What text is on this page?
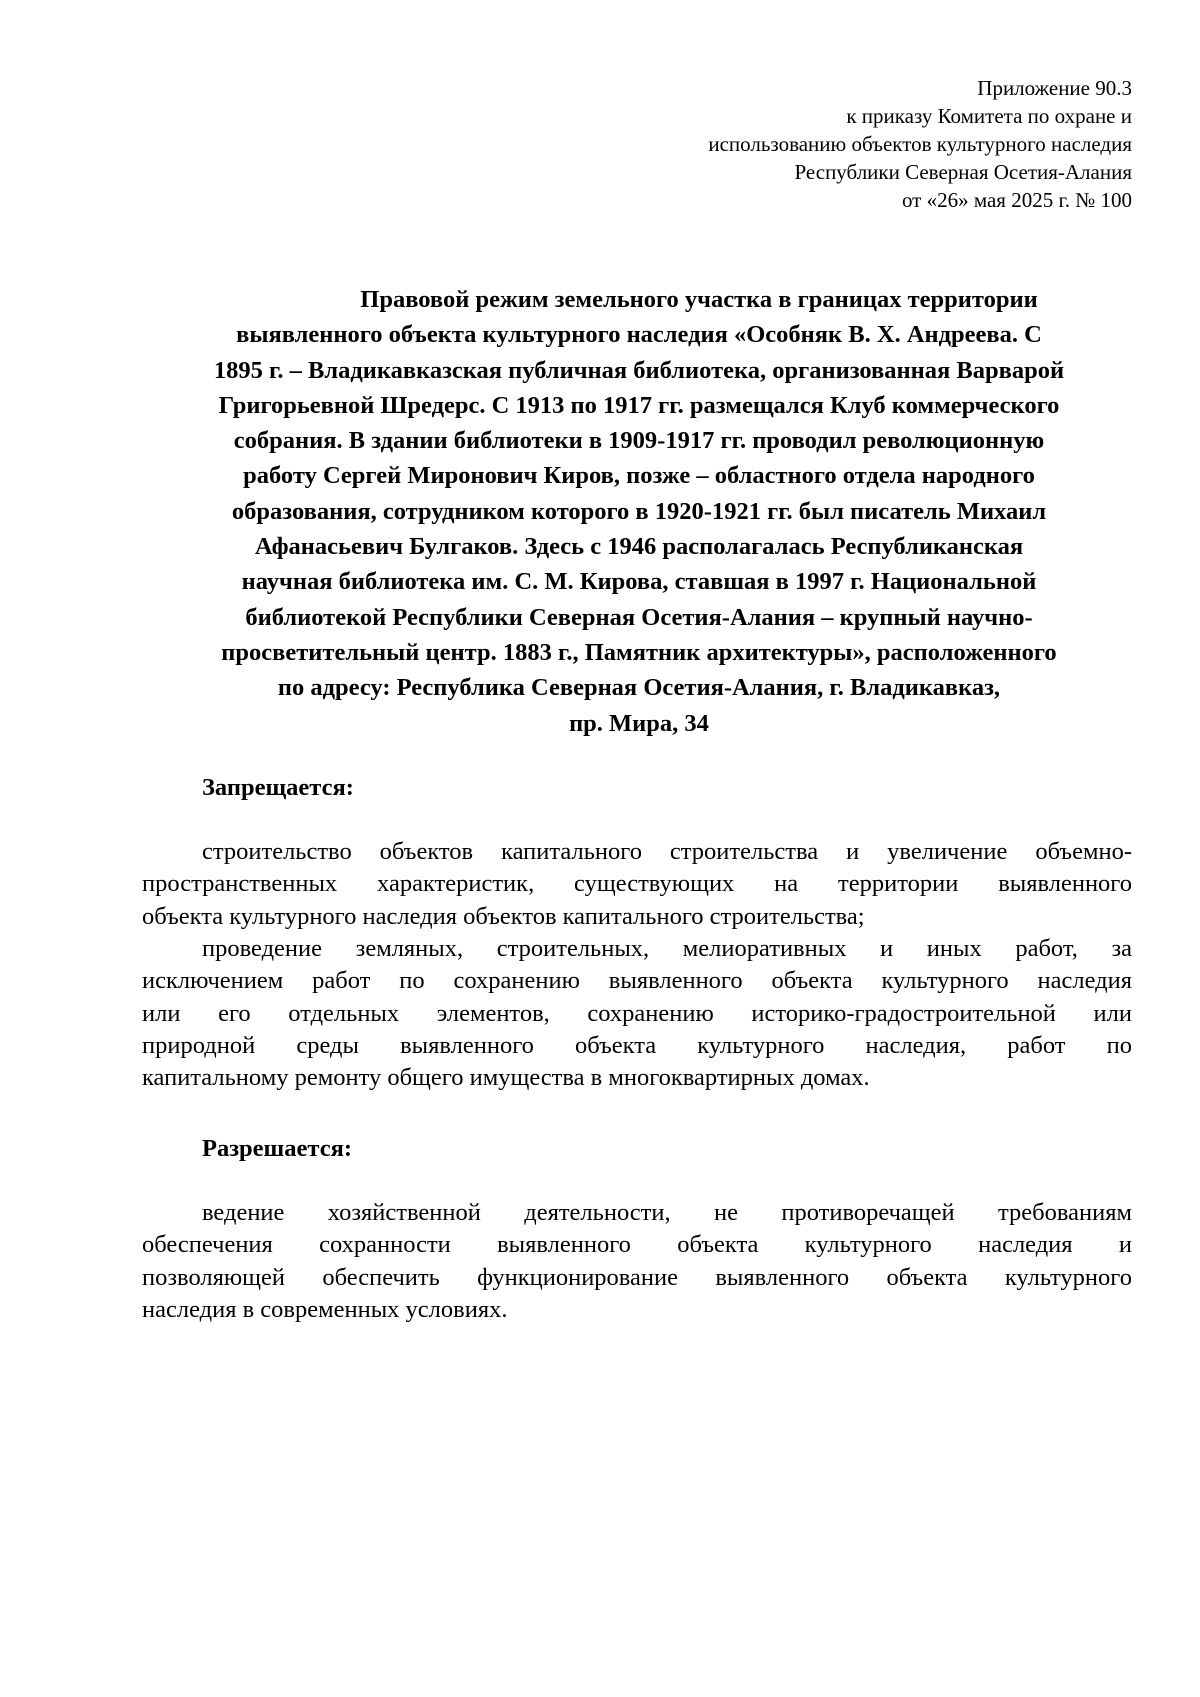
Приложение 90.3
к приказу Комитета по охране и
использованию объектов культурного наследия
Республики Северная Осетия-Алания
от «26» мая 2025 г. № 100
Правовой режим земельного участка в границах территории
выявленного объекта культурного наследия «Особняк В. Х. Андреева. С
1895 г. – Владикавказская публичная библиотека, организованная Варварой
Григорьевной Шредерс. С 1913 по 1917 гг. размещался Клуб коммерческого
собрания. В здании библиотеки в 1909-1917 гг. проводил революционную
работу Сергей Миронович Киров, позже – областного отдела народного
образования, сотрудником которого в 1920-1921 гг. был писатель Михаил
Афанасьевич Булгаков. Здесь с 1946 располагалась Республиканская
научная библиотека им. С. М. Кирова, ставшая в 1997 г. Национальной
библиотекой Республики Северная Осетия-Алания – крупный научно-
просветительный центр. 1883 г., Памятник архитектуры», расположенного
по адресу: Республика Северная Осетия-Алания, г. Владикавказ,
пр. Мира, 34
Запрещается:
строительство объектов капитального строительства и увеличение объемно-
пространственных характеристик, существующих на территории выявленного
объекта культурного наследия объектов капитального строительства;
проведение земляных, строительных, мелиоративных и иных работ, за
исключением работ по сохранению выявленного объекта культурного наследия
или его отдельных элементов, сохранению историко-градостроительной или
природной среды выявленного объекта культурного наследия, работ по
капитальному ремонту общего имущества в многоквартирных домах.
Разрешается:
ведение хозяйственной деятельности, не противоречащей требованиям
обеспечения сохранности выявленного объекта культурного наследия и
позволяющей обеспечить функционирование выявленного объекта культурного
наследия в современных условиях.
